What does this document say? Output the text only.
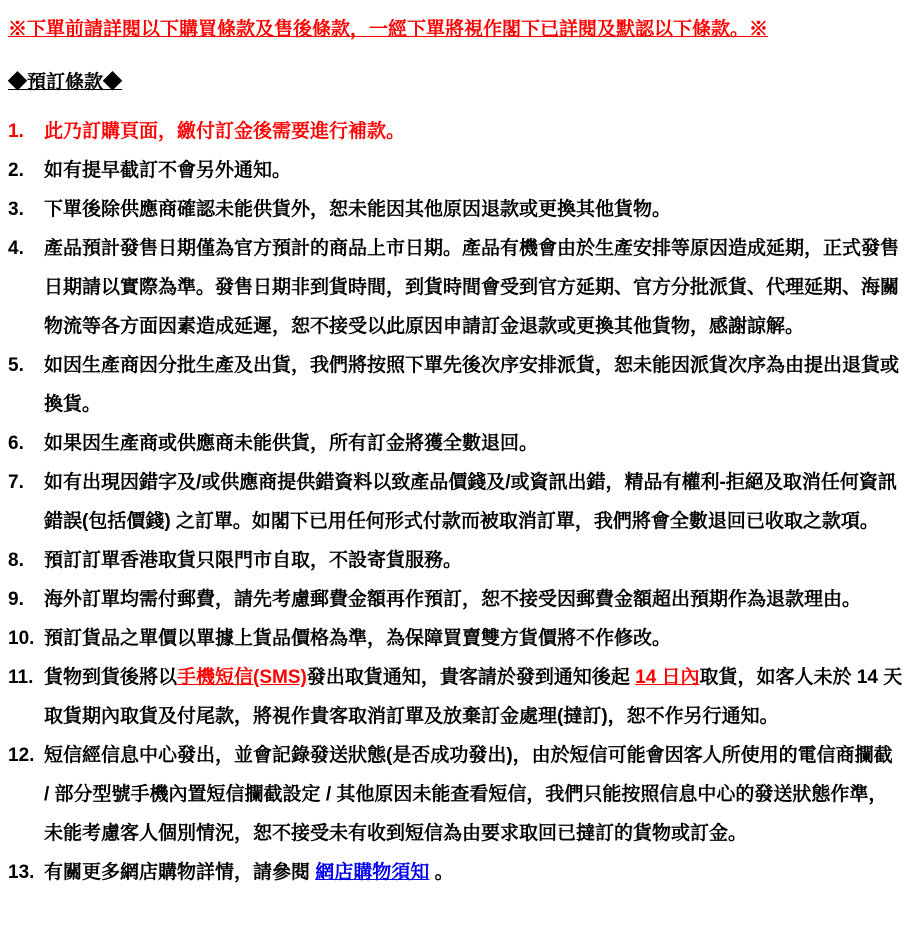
※下單前請詳閱以下購買條款及售後條款，一經下單將視作閣下已詳閱及默認以下條款。※
◆預訂條款◆
1.	此乃訂購頁面，繳付訂金後需要進行補款。
2.	如有提早截訂不會另外通知。
3.	下單後除供應商確認未能供貨外，恕未能因其他原因退款或更換其他貨物。
4.	產品預計發售日期僅為官方預計的商品上市日期。產品有機會由於生產安排等原因造成延期，正式發售日期請以實際為準。發售日期非到貨時間，到貨時間會受到官方延期、官方分批派貨、代理延期、海關物流等各方面因素造成延遲，恕不接受以此原因申請訂金退款或更換其他貨物，感謝諒解。
5.	如因生產商因分批生產及出貨，我們將按照下單先後次序安排派貨，恕未能因派貨次序為由提出退貨或換貨。
6.	如果因生產商或供應商未能供貨，所有訂金將獲全數退回。
7.	如有出現因錯字及/或供應商提供錯資料以致產品價錢及/或資訊出錯，精品有權利-拒絕及取消任何資訊錯誤(包括價錢) 之訂單。如閣下已用任何形式付款而被取消訂單，我們將會全數退回已收取之款項。
8.	預訂訂單香港取貨只限門市自取，不設寄貨服務。
9.	海外訂單均需付郵費，請先考慮郵費金額再作預訂，恕不接受因郵費金額超出預期作為退款理由。
10. 預訂貨品之單價以單據上貨品價格為準，為保障買賣雙方貨價將不作修改。
11. 貨物到貨後將以手機短信(SMS)發出取貨通知，貴客請於發到通知後起 14 日內取貨，如客人未於 14 天取貨期內取貨及付尾款，將視作貴客取消訂單及放棄訂金處理(撻訂)，恕不作另行通知。
12. 短信經信息中心發出，並會記錄發送狀態(是否成功發出)，由於短信可能會因客人所使用的電信商攔截 / 部分型號手機內置短信攔截設定 / 其他原因未能查看短信，我們只能按照信息中心的發送狀態作準，未能考慮客人個別情況，恕不接受未有收到短信為由要求取回已撻訂的貨物或訂金。
13. 有關更多網店購物詳情，請參閱 網店購物須知 。
